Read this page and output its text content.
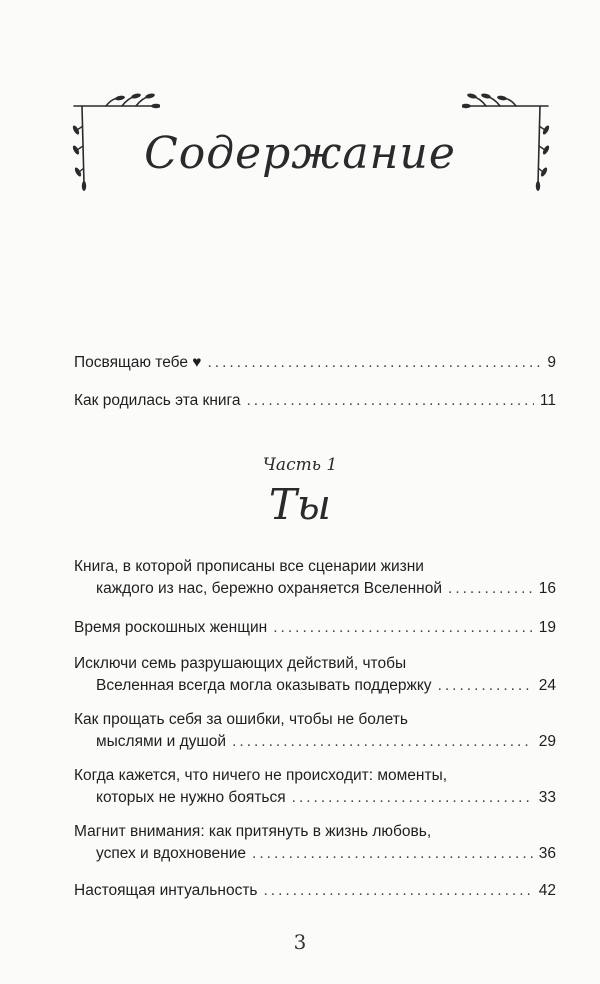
Содержание
Посвящаю тебе ♥ .....	9
Как родилась эта книга .....	11
Часть 1
Ты
Книга, в которой прописаны все сценарии жизни
каждого из нас, бережно охраняется Вселенной .....	16
Время роскошных женщин .....	19
Исключи семь разрушающих действий, чтобы
Вселенная всегда могла оказывать поддержку .....	24
Как прощать себя за ошибки, чтобы не болеть
мыслями и душой .....	29
Когда кажется, что ничего не происходит: моменты,
которых не нужно бояться .....	33
Магнит внимания: как притянуть в жизнь любовь,
успех и вдохновение .....	36
Настоящая интуальность .....	42
3
